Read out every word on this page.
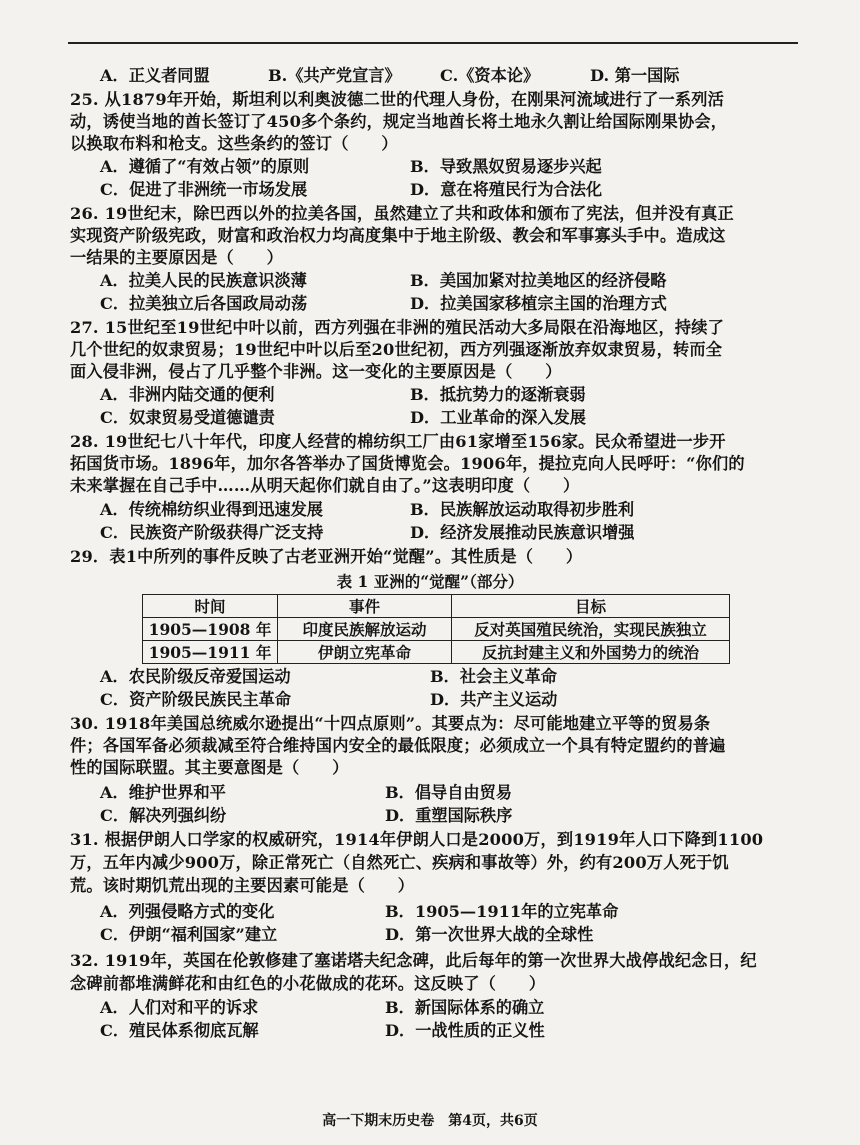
A．正义者同盟	B.《共产党宣言》 C.《资本论》	D. 第一国际
25. 从1879年开始，斯坦利以利奥波德二世的代理人身份，在刚果河流域进行了一系列活
动，诱使当地的酋长签订了450多个条约，规定当地酋长将土地永久割让给国际刚果协会，
以换取布料和枪支。这些条约的签订（　　）
A．遵循了“有效占领”的原则	B．导致黑奴贸易逐步兴起
C．促进了非洲统一市场发展	D．意在将殖民行为合法化
26. 19世纪末，除巴西以外的拉美各国，虽然建立了共和政体和颁布了宪法，但并没有真正
实现资产阶级宪政，财富和政治权力均高度集中于地主阶级、教会和军事寡头手中。造成这
一结果的主要原因是（　　）
A．拉美人民的民族意识淡薄	B．美国加紧对拉美地区的经济侵略
C．拉美独立后各国政局动荡	D．拉美国家移植宗主国的治理方式
27. 15世纪至19世纪中叶以前，西方列强在非洲的殖民活动大多局限在沿海地区，持续了
几个世纪的奴隶贸易；19世纪中叶以后至20世纪初，西方列强逐渐放弃奴隶贸易，转而全
面入侵非洲，侵占了几乎整个非洲。这一变化的主要原因是（　　）
A．非洲内陆交通的便利	B．抵抗势力的逐渐衰弱
C．奴隶贸易受道德谴责	D．工业革命的深入发展
28. 19世纪七八十年代，印度人经营的棉纺织工厂由61家增至156家。民众希望进一步开
拓国货市场。1896年，加尔各答举办了国货博览会。1906年，提拉克向人民呼吁：“你们的
未来掌握在自己手中……从明天起你们就自由了。”这表明印度（　　）
A．传统棉纺织业得到迅速发展	B．民族解放运动取得初步胜利
C．民族资产阶级获得广泛支持	D．经济发展推动民族意识增强
29．表1中所列的事件反映了古老亚洲开始“觉醒”。其性质是（　　）
表 1 亚洲的“觉醒”（部分）
时间	事件	目标
1905—1908 年	印度民族解放运动	反对英国殖民统治，实现民族独立
1905—1911 年	伊朗立宪革命	反抗封建主义和外国势力的统治
A．农民阶级反帝爱国运动	B．社会主义革命
C．资产阶级民族民主革命	D．共产主义运动
30. 1918年美国总统威尔逊提出“十四点原则”。其要点为：尽可能地建立平等的贸易条
件；各国军备必须裁减至符合维持国内安全的最低限度；必须成立一个具有特定盟约的普遍
性的国际联盟。其主要意图是（　　）
A．维护世界和平	B．倡导自由贸易
C．解决列强纠纷	D．重塑国际秩序
31. 根据伊朗人口学家的权威研究，1914年伊朗人口是2000万，到1919年人口下降到1100
万，五年内减少900万，除正常死亡（自然死亡、疾病和事故等）外，约有200万人死于饥
荒。该时期饥荒出现的主要因素可能是（　　）
A．列强侵略方式的变化	B．1905—1911年的立宪革命
C．伊朗“福利国家”建立	D．第一次世界大战的全球性
32. 1919年，英国在伦敦修建了塞诺塔夫纪念碑，此后每年的第一次世界大战停战纪念日，纪
念碑前都堆满鲜花和由红色的小花做成的花环。这反映了（　　）
A．人们对和平的诉求	B．新国际体系的确立
C．殖民体系彻底瓦解	D．一战性质的正义性
高一下期末历史卷　第4页，共6页
